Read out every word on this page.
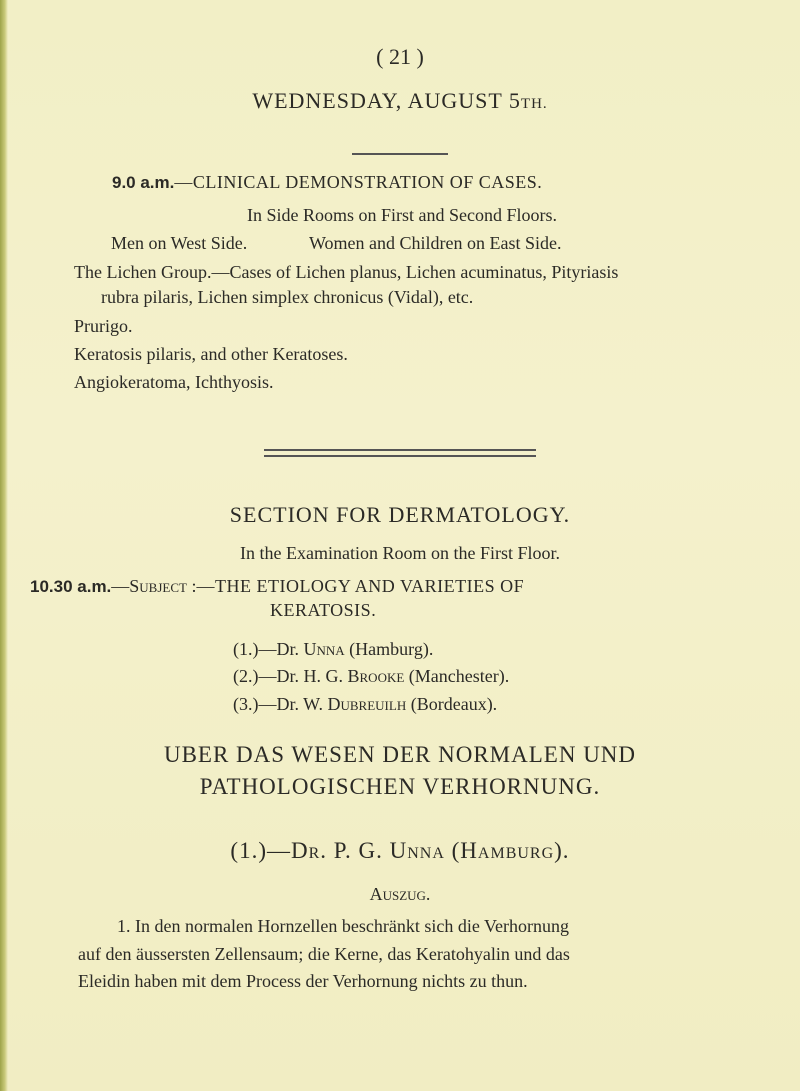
( 21 )
WEDNESDAY, AUGUST 5TH.
9.0 a.m.—CLINICAL DEMONSTRATION OF CASES.
In Side Rooms on First and Second Floors.
Men on West Side.	Women and Children on East Side.
The Lichen Group.—Cases of Lichen planus, Lichen acuminatus, Pityriasis
rubra pilaris, Lichen simplex chronicus (Vidal), etc.
Prurigo.
Keratosis pilaris, and other Keratoses.
Angiokeratoma, Ichthyosis.
SECTION FOR DERMATOLOGY.
In the Examination Room on the First Floor.
10.30 a.m.—Subject :—THE ETIOLOGY AND VARIETIES OF
KERATOSIS.
(1.)—Dr. Unna (Hamburg).
(2.)—Dr. H. G. Brooke (Manchester).
(3.)—Dr. W. Dubreuilh (Bordeaux).
UBER DAS WESEN DER NORMALEN UND
PATHOLOGISCHEN VERHORNUNG.
(1.)—Dr. P. G. Unna (Hamburg).
Auszug.
1. In den normalen Hornzellen beschränkt sich die Verhornung
auf den äussersten Zellensaum; die Kerne, das Keratohyalin und das
Eleidin haben mit dem Process der Verhornung nichts zu thun.
